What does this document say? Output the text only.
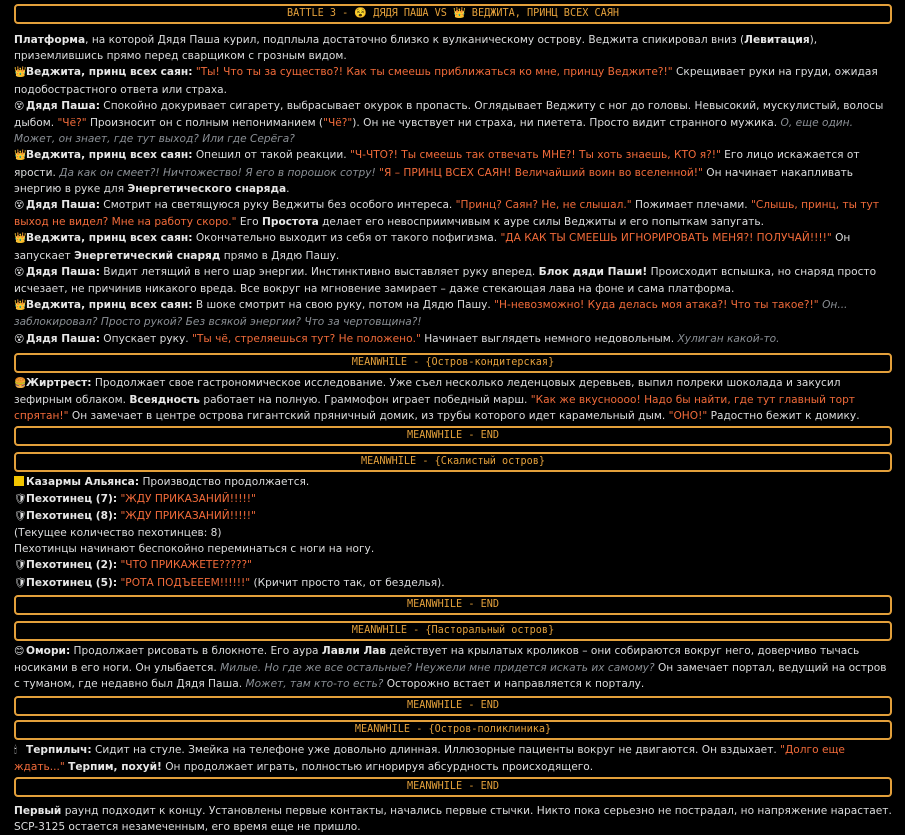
BATTLE 3 - 😵 ДЯДЯ ПАША VS 👑 ВЕДЖИТА, ПРИНЦ ВСЕХ САЯН
Платформа, на которой Дядя Паша курил, подплыла достаточно близко к вулканическому острову. Веджита спикировал вниз (Левитация), приземлившись прямо перед сварщиком с грозным видом.
👑Веджита, принц всех саян: "Ты! Что ты за существо?! Как ты смеешь приближаться ко мне, принцу Веджите?!" Скрещивает руки на груди, ожидая подобострастного ответа или страха.
😵 Дядя Паша: Спокойно докуривает сигарету, выбрасывает окурок в пропасть. Оглядывает Веджиту с ног до головы. Невысокий, мускулистый, волосы дыбом. "Чё?" Произносит он с полным непониманием ("Чё?"). Он не чувствует ни страха, ни пиетета. Просто видит странного мужика. О, еще один. Может, он знает, где тут выход? Или где Серёга?
👑Веджита, принц всех саян: Опешил от такой реакции. "Ч-ЧТО?! Ты смеешь так отвечать МНЕ?! Ты хоть знаешь, КТО я?!" Его лицо искажается от ярости. Да как он смеет?! Ничтожество! Я его в порошок сотру! "Я – ПРИНЦ ВСЕХ САЯН! Величайший воин во вселенной!" Он начинает накапливать энергию в руке для Энергетического снаряда.
😵 Дядя Паша: Смотрит на светящуюся руку Веджиты без особого интереса. "Принц? Саян? Не, не слышал." Пожимает плечами. "Слышь, принц, ты тут выход не видел? Мне на работу скоро." Его Простота делает его невосприимчивым к ауре силы Веджиты и его попыткам запугать.
👑Веджита, принц всех саян: Окончательно выходит из себя от такого пофигизма. "ДА КАК ТЫ СМЕЕШЬ ИГНОРИРОВАТЬ МЕНЯ?! ПОЛУЧАЙ!!!!" Он запускает Энергетический снаряд прямо в Дядю Пашу.
😵 Дядя Паша: Видит летящий в него шар энергии. Инстинктивно выставляет руку вперед. Блок дяди Паши! Происходит вспышка, но снаряд просто исчезает, не причинив никакого вреда. Все вокруг на мгновение замирает – даже стекающая лава на фоне и сама платформа.
👑Веджита, принц всех саян: В шоке смотрит на свою руку, потом на Дядю Пашу. "Н-невозможно! Куда делась моя атака?! Что ты такое?!" Он... заблокировал? Просто рукой? Без всякой энергии? Что за чертовщина?!
😵 Дядя Паша: Опускает руку. "Ты чё, стреляешься тут? Не положено." Начинает выглядеть немного недовольным. Хулиган какой-то.
MEANWHILE - {Остров-кондитерская}
🍔Жиртрест: Продолжает свое гастрономическое исследование. Уже съел несколько леденцовых деревьев, выпил полреки шоколада и закусил зефирным облаком. Всеядность работает на полную. Граммофон играет победный марш. "Как же вкуснoooo! Надо бы найти, где тут главный торт спрятан!" Он замечает в центре острова гигантский пряничный домик, из трубы которого идет карамельный дым. "ОНО!" Радостно бежит к домику.
MEANWHILE - END
MEANWHILE - {Скалистый остров}
Казармы Альянса: Производство продолжается.
🛡Пехотинец (7): "ЖДУ ПРИКАЗАНИЙ!!!!!"
🛡Пехотинец (8): "ЖДУ ПРИКАЗАНИЙ!!!!!"
(Текущее количество пехотинцев: 8)
Пехотинцы начинают беспокойно переминаться с ноги на ногу.
🛡Пехотинец (2): "ЧТО ПРИКАЖЕТЕ?????"
🛡Пехотинец (5): "РОТА ПОДЪЕЕЕМ!!!!!!" (Кричит просто так, от безделья).
MEANWHILE - END
MEANWHILE - {Пасторальный остров}
😊 Омори: Продолжает рисовать в блокноте. Его аура Лавли Лав действует на крылатых кроликов – они собираются вокруг него, доверчиво тычась носиками в его ноги. Он улыбается. Милые. Но где же все остальные? Неужели мне придется искать их самому? Он замечает портал, ведущий на остров с туманом, где недавно был Дядя Паша. Может, там кто-то есть? Осторожно встает и направляется к порталу.
MEANWHILE - END
MEANWHILE - {Остров-поликлиника}
🕯 Терпилыч: Сидит на стуле. Змейка на телефоне уже довольно длинная. Иллюзорные пациенты вокруг не двигаются. Он вздыхает. "Долго еще ждать..." Терпим, похуй! Он продолжает играть, полностью игнорируя абсурдность происходящего.
MEANWHILE - END
Первый раунд подходит к концу. Установлены первые контакты, начались первые стычки. Никто пока серьезно не пострадал, но напряжение нарастает. SCP-3125 остается незамеченным, его время еще не пришло.
